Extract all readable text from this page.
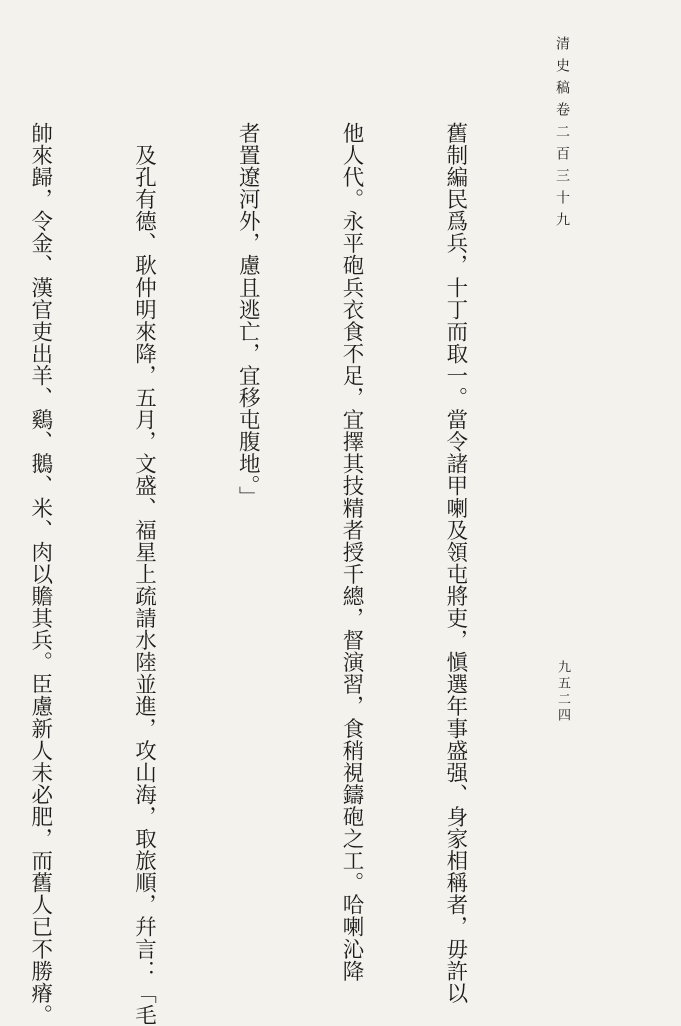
清史稿卷二百三十九
九五二四

舊制編民爲兵，十丁而取一。當令諸甲喇及領屯將吏，愼選年事盛强、身家相稱者，毋許以

他人代。永平砲兵衣食不足，宜擇其技精者授千總，督演習，食稍視鑄砲之工。哈喇沁降

者置遼河外，慮且逃亡，宜移屯腹地。」

　及孔有德、耿仲明來降，五月，文盛、福星上疏請水陸並進，攻山海，取旅順，幷言：「毛

帥來歸，令金、漢官吏出羊、鷄、鵝、米、肉以贍其兵。臣慮新人未必肥，而舊人已不勝瘠。
